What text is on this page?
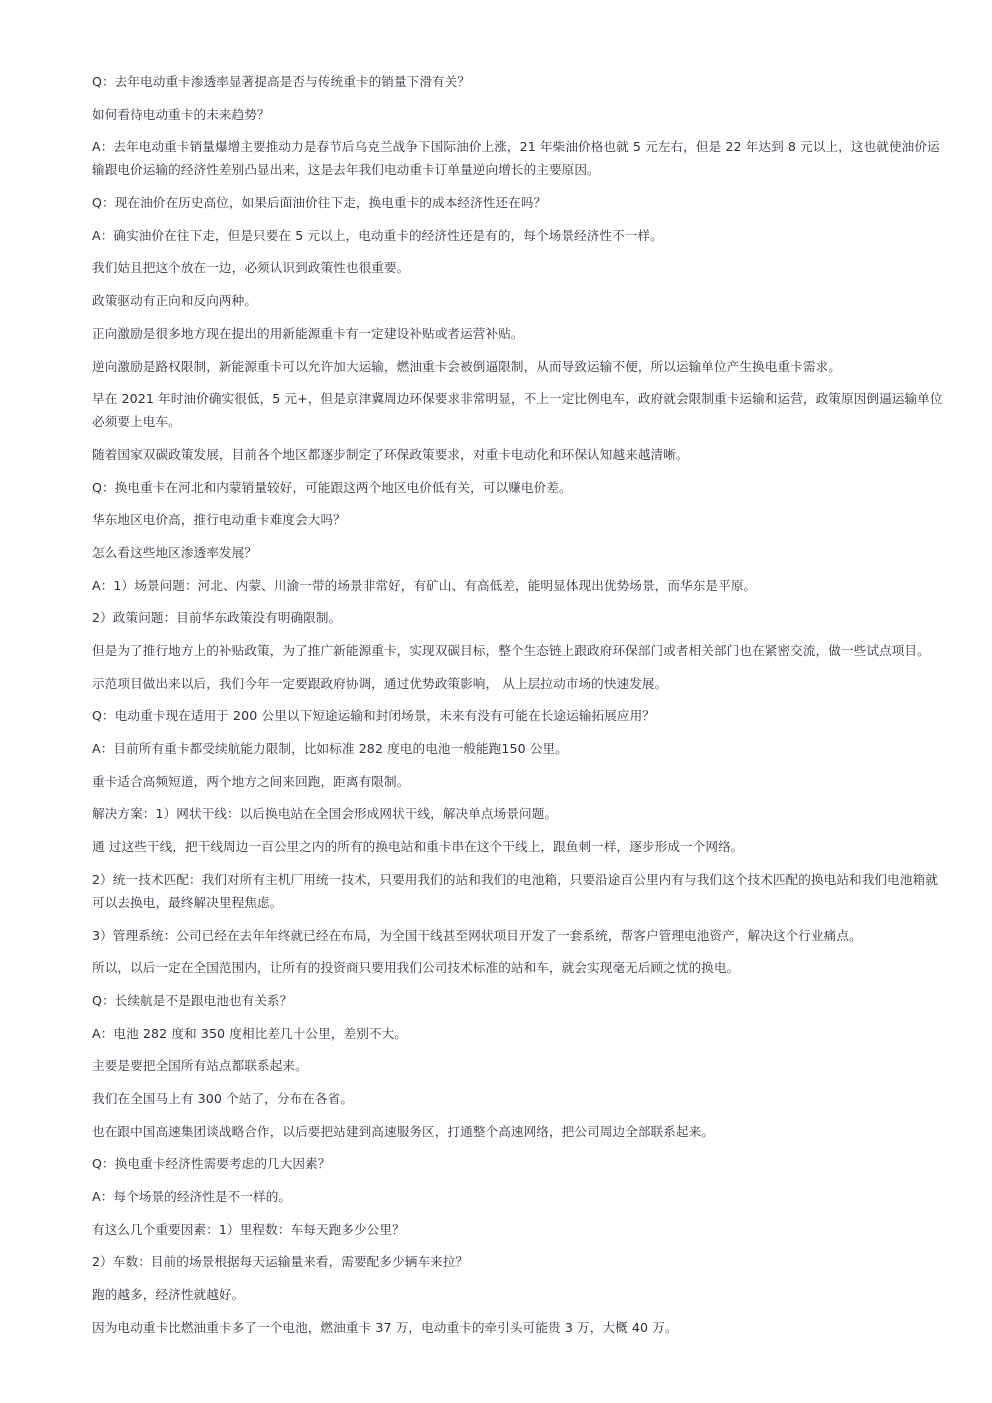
Q：去年电动重卡渗透率显著提高是否与传统重卡的销量下滑有关？

如何看待电动重卡的未来趋势？

A：去年电动重卡销量爆增主要推动力是春节后乌克兰战争下国际油价上涨，21 年柴油价格也就 5 元左右，但是 22 年达到 8 元以上，这也就使油价运输跟电价运输的经济性差别凸显出来，这是去年我们电动重卡订单量逆向增长的主要原因。

Q：现在油价在历史高位，如果后面油价往下走，换电重卡的成本经济性还在吗？

A：确实油价在往下走，但是只要在 5 元以上，电动重卡的经济性还是有的，每个场景经济性不一样。

我们姑且把这个放在一边，必须认识到政策性也很重要。

政策驱动有正向和反向两种。

正向激励是很多地方现在提出的用新能源重卡有一定建设补贴或者运营补贴。

逆向激励是路权限制，新能源重卡可以允许加大运输，燃油重卡会被倒逼限制，从而导致运输不便，所以运输单位产生换电重卡需求。

早在 2021 年时油价确实很低，5 元+，但是京津冀周边环保要求非常明显，不上一定比例电车，政府就会限制重卡运输和运营，政策原因倒逼运输单位必须要上电车。

随着国家双碳政策发展，目前各个地区都逐步制定了环保政策要求，对重卡电动化和环保认知越来越清晰。

Q：换电重卡在河北和内蒙销量较好，可能跟这两个地区电价低有关，可以赚电价差。

华东地区电价高，推行电动重卡难度会大吗？

怎么看这些地区渗透率发展？

A：1）场景问题：河北、内蒙、川渝一带的场景非常好，有矿山、有高低差，能明显体现出优势场景，而华东是平原。

2）政策问题：目前华东政策没有明确限制。

但是为了推行地方上的补贴政策，为了推广新能源重卡，实现双碳目标，整个生态链上跟政府环保部门或者相关部门也在紧密交流，做一些试点项目。

示范项目做出来以后，我们今年一定要跟政府协调，通过优势政策影响， 从上层拉动市场的快速发展。

Q：电动重卡现在适用于 200 公里以下短途运输和封闭场景，未来有没有可能在长途运输拓展应用？

A：目前所有重卡都受续航能力限制，比如标准 282 度电的电池一般能跑150 公里。

重卡适合高频短道，两个地方之间来回跑，距离有限制。

解决方案：1）网状干线：以后换电站在全国会形成网状干线，解决单点场景问题。

通 过这些干线，把干线周边一百公里之内的所有的换电站和重卡串在这个干线上，跟鱼刺一样，逐步形成一个网络。

2）统一技术匹配：我们对所有主机厂用统一技术，只要用我们的站和我们的电池箱，只要沿途百公里内有与我们这个技术匹配的换电站和我们电池箱就可以去换电，最终解决里程焦虑。

3）管理系统：公司已经在去年年终就已经在布局，为全国干线甚至网状项目开发了一套系统，帮客户管理电池资产，解决这个行业痛点。

所以，以后一定在全国范围内，让所有的投资商只要用我们公司技术标准的站和车，就会实现毫无后顾之忧的换电。

Q：长续航是不是跟电池也有关系？

A：电池 282 度和 350 度相比差几十公里，差别不大。

主要是要把全国所有站点都联系起来。

我们在全国马上有 300 个站了，分布在各省。

也在跟中国高速集团谈战略合作，以后要把站建到高速服务区，打通整个高速网络，把公司周边全部联系起来。

Q：换电重卡经济性需要考虑的几大因素？

A：每个场景的经济性是不一样的。

有这么几个重要因素：1）里程数：车每天跑多少公里？

2）车数：目前的场景根据每天运输量来看，需要配多少辆车来拉？

跑的越多，经济性就越好。

因为电动重卡比燃油重卡多了一个电池，燃油重卡 37 万，电动重卡的牵引头可能贵 3 万，大概 40 万。
